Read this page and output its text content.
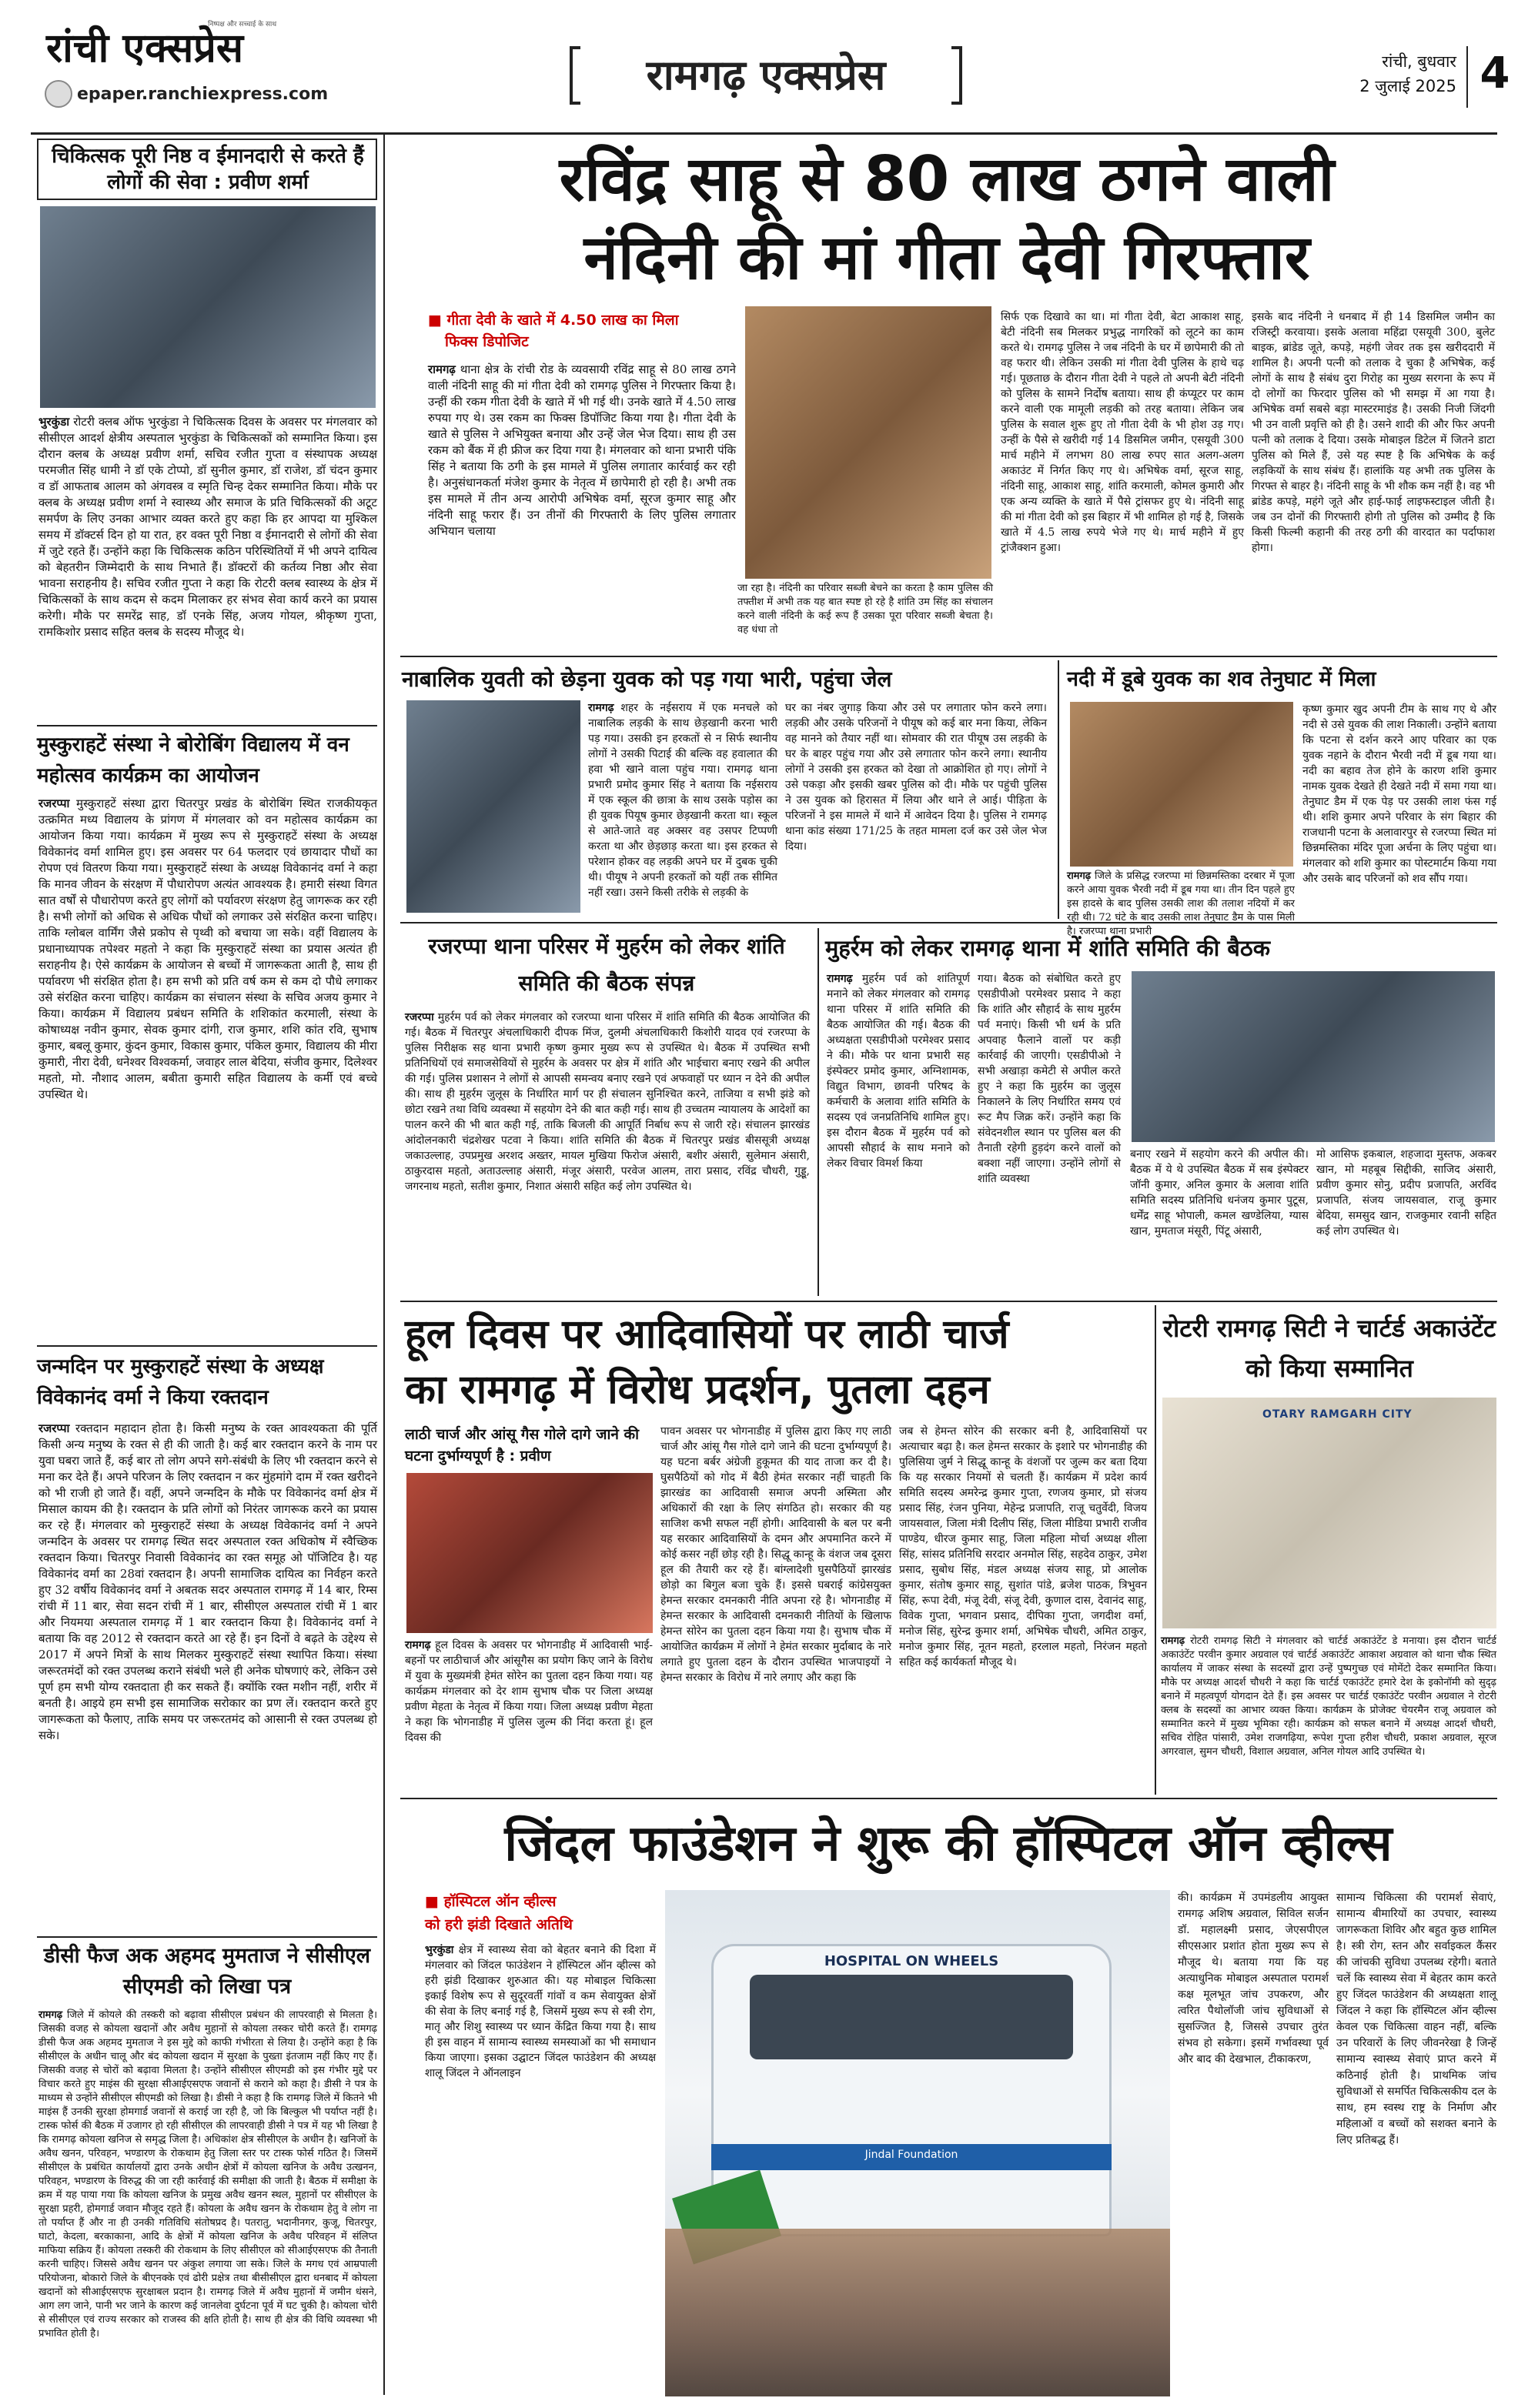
रांची एक्सप्रेस
निष्पक्ष और सच्चाई के साथ
epaper.ranchiexpress.com	रामगढ़ एक्सप्रेस	रांची, बुधवार
2 जुलाई 2025 4
चिकित्सक पूरी निष्ठ व ईमानदारी से करते हैं लोगों की सेवा : प्रवीण शर्मा
भुरकुंडा रोटरी क्लब ऑफ भुरकुंडा ने चिकित्सक दिवस के अवसर पर मंगलवार को सीसीएल आदर्श क्षेत्रीय अस्पताल भुरकुंडा के चिकित्सकों को सम्मानित किया। इस दौरान क्लब के अध्यक्ष प्रवीण शर्मा, सचिव रजीत गुप्ता व संस्थापक अध्यक्ष परमजीत सिंह धामी ने डॉ एके टोप्पो, डॉ सुनील कुमार, डॉ राजेश, डॉ चंदन कुमार व डॉ आफताब आलम को अंगवस्त्र व स्मृति चिन्ह देकर सम्मानित किया। मौके पर क्लब के अध्यक्ष प्रवीण शर्मा ने स्वास्थ्य और समाज के प्रति चिकित्सकों की अटूट समर्पण के लिए उनका आभार व्यक्त करते हुए कहा कि हर आपदा या मुश्किल समय में डॉक्टर्स दिन हो या रात, हर वक्त पूरी निष्ठा व ईमानदारी से लोगों की सेवा में जुटे रहते हैं। उन्होंने कहा कि चिकित्सक कठिन परिस्थितियों में भी अपने दायित्व को बेहतरीन जिम्मेदारी के साथ निभाते हैं। डॉक्टरों की कर्तव्य निष्ठा और सेवा भावना सराहनीय है। सचिव रजीत गुप्ता ने कहा कि रोटरी क्लब स्वास्थ्य के क्षेत्र में चिकित्सकों के साथ कदम से कदम मिलाकर हर संभव सेवा कार्य करने का प्रयास करेगी। मौके पर समरेंद्र साह, डॉ एनके सिंह, अजय गोयल, श्रीकृष्ण गुप्ता, रामकिशोर प्रसाद सहित क्लब के सदस्य मौजूद थे।
मुस्कुराहटें संस्था ने बोरोबिंग विद्यालय में वन महोत्सव कार्यक्रम का आयोजन
रजरप्पा मुस्कुराहटें संस्था द्वारा चितरपुर प्रखंड के बोरोबिंग स्थित राजकीयकृत उत्क्रमित मध्य विद्यालय के प्रांगण में मंगलवार को वन महोत्सव कार्यक्रम का आयोजन किया गया। कार्यक्रम में मुख्य रूप से मुस्कुराहटें संस्था के अध्यक्ष विवेकानंद वर्मा शामिल हुए। इस अवसर पर 64 फलदार एवं छायादार पौधों का रोपण एवं वितरण किया गया। मुस्कुराहटें संस्था के अध्यक्ष विवेकानंद वर्मा ने कहा कि मानव जीवन के संरक्षण में पौधारोपण अत्यंत आवश्यक है। हमारी संस्था विगत सात वर्षों से पौधारोपण करते हुए लोगों को पर्यावरण संरक्षण हेतु जागरूक कर रही है। सभी लोगों को अधिक से अधिक पौधों को लगाकर उसे संरक्षित करना चाहिए। ताकि ग्लोबल वार्मिंग जैसे प्रकोप से पृथ्वी को बचाया जा सके। वहीं विद्यालय के प्रधानाध्यापक तपेश्वर महतो ने कहा कि मुस्कुराहटें संस्था का प्रयास अत्यंत ही सराहनीय है। ऐसे कार्यक्रम के आयोजन से बच्चों में जागरूकता आती है, साथ ही पर्यावरण भी संरक्षित होता है। हम सभी को प्रति वर्ष कम से कम दो पौधे लगाकर उसे संरक्षित करना चाहिए। कार्यक्रम का संचालन संस्था के सचिव अजय कुमार ने किया। कार्यक्रम में विद्यालय प्रबंधन समिति के शशिकांत करमाली, संस्था के कोषाध्यक्ष नवीन कुमार, सेवक कुमार दांगी, राज कुमार, शशि कांत रवि, सुभाष कुमार, बबलू कुमार, कुंदन कुमार, विकास कुमार, पंकिल कुमार, विद्यालय की मीरा कुमारी, नीरा देवी, धनेश्वर विश्वकर्मा, जवाहर लाल बेदिया, संजीव कुमार, दिलेश्वर महतो, मो. नौशाद आलम, बबीता कुमारी सहित विद्यालय के कर्मी एवं बच्चे उपस्थित थे।
जन्मदिन पर मुस्कुराहटें संस्था के अध्यक्ष विवेकानंद वर्मा ने किया रक्तदान
रजरप्पा रक्तदान महादान होता है। किसी मनुष्य के रक्त आवश्यकता की पूर्ति किसी अन्य मनुष्य के रक्त से ही की जाती है। कई बार रक्तदान करने के नाम पर युवा घबरा जाते हैं, कई बार तो लोग अपने सगे-संबंधी के लिए भी रक्तदान करने से मना कर देते हैं। अपने परिजन के लिए रक्तदान न कर मुंहमांगे दाम में रक्त खरीदने को भी राजी हो जाते हैं। वहीं, अपने जन्मदिन के मौके पर विवेकानंद वर्मा क्षेत्र में मिसाल कायम की है। रक्तदान के प्रति लोगों को निरंतर जागरूक करने का प्रयास कर रहे हैं। मंगलवार को मुस्कुराहटें संस्था के अध्यक्ष विवेकानंद वर्मा ने अपने जन्मदिन के अवसर पर रामगढ़ स्थित सदर अस्पताल रक्त अधिकोष में स्वैच्छिक रक्तदान किया। चितरपुर निवासी विवेकानंद का रक्त समूह ओ पॉजिटिव है। यह विवेकानंद वर्मा का 28वां रक्तदान है। अपनी सामाजिक दायित्व का निर्वहन करते हुए 32 वर्षीय विवेकानंद वर्मा ने अबतक सदर अस्पताल रामगढ़ में 14 बार, रिम्स रांची में 11 बार, सेवा सदन रांची में 1 बार, सीसीएल अस्पताल रांची में 1 बार और नियमया अस्पताल रामगढ़ में 1 बार रक्तदान किया है। विवेकानंद वर्मा ने बताया कि वह 2012 से रक्तदान करते आ रहे हैं। इन दिनों वे बढ़ते के उद्देश्य से 2017 में अपने मित्रों के साथ मिलकर मुस्कुराहटें संस्था स्थापित किया। संस्था जरूरतमंदों को रक्त उपलब्ध कराने संबंधी भले ही अनेक घोषणाएं करे, लेकिन उसे पूर्ण हम सभी योग्य रक्तदाता ही कर सकते हैं। क्योंकि रक्त मशीन नहीं, शरीर में बनती है। आइये हम सभी इस सामाजिक सरोकार का प्रण लें। रक्तदान करते हुए जागरूकता को फैलाए, ताकि समय पर जरूरतमंद को आसानी से रक्त उपलब्ध हो सके।
डीसी फैज अक अहमद मुमताज ने सीसीएल सीएमडी को लिखा पत्र
रामगढ़ जिले में कोयले की तस्करी को बढ़ावा सीसीएल प्रबंधन की लापरवाही से मिलता है। जिसकी वजह से कोयला खदानों और अवैध मुहानों से कोयला तस्कर चोरी करते हैं। रामगढ़ डीसी फैज अक अहमद मुमताज ने इस मुद्दे को काफी गंभीरता से लिया है। उन्होंने कहा है कि सीसीएल के अधीन चालू और बंद कोयला खदान में सुरक्षा के पुख्ता इंतजाम नहीं किए गए हैं। जिसकी वजह से चोरों को बढ़ावा मिलता है। उन्होंने सीसीएल सीएमडी को इस गंभीर मुद्दे पर विचार करते हुए माइंस की सुरक्षा सीआईएसएफ जवानों से कराने को कहा है। डीसी ने पत्र के माध्यम से उन्होंने सीसीएल सीएमडी को लिखा है। डीसी ने कहा है कि रामगढ़ जिले में कितने भी माइंस हैं उनकी सुरक्षा होमगार्ड जवानों से कराई जा रही है, जो कि बिल्कुल भी पर्याप्त नहीं है। टास्क फोर्स की बैठक में उजागर हो रही सीसीएल की लापरवाही डीसी ने पत्र में यह भी लिखा है कि रामगढ़ कोयला खनिज से समृद्ध जिला है। अधिकांश क्षेत्र सीसीएल के अधीन है। खनिजों के अवैध खनन, परिवहन, भण्डारण के रोकथाम हेतु जिला स्तर पर टास्क फोर्स गठित है। जिसमें सीसीएल के प्रबंधित कार्यालयों द्वारा उनके अधीन क्षेत्रों में कोयला खनिज के अवैध उत्खनन, परिवहन, भण्डारण के विरुद्ध की जा रही कार्रवाई की समीक्षा की जाती है। बैठक में समीक्षा के क्रम में यह पाया गया कि कोयला खनिज के प्रमुख अवैध खनन स्थल, मुहानों पर सीसीएल के सुरक्षा प्रहरी, होमगार्ड जवान मौजूद रहते हैं। कोयला के अवैध खनन के रोकथाम हेतु वे लोग ना तो पर्याप्त हैं और ना ही उनकी गतिविधि संतोषप्रद है। पतरातु, भदानीनगर, कुजू, चितरपुर, घाटो, केदला, बरकाकाना, आदि के क्षेत्रों में कोयला खनिज के अवैध परिवहन में संलिप्त माफिया सक्रिय हैं। कोयला तस्करी की रोकथाम के लिए सीसीएल को सीआईएसएफ की तैनाती करनी चाहिए। जिससे अवैध खनन पर अंकुश लगाया जा सके। जिले के मगध एवं आम्रपाली परियोजना, बोकारो जिले के बीएनक्के एवं ढोरी प्रक्षेत्र तथा बीसीसीएल द्वारा धनबाद में कोयला खदानों को सीआईएसएफ सुरक्षाबल प्रदान है। रामगढ़ जिले में अवैध मुहानों में जमीन धंसने, आग लग जाने, पानी भर जाने के कारण कई जानलेवा दुर्घटना पूर्व में घट चुकी है। कोयला चोरी से सीसीएल एवं राज्य सरकार को राजस्व की क्षति होती है। साथ ही क्षेत्र की विधि व्यवस्था भी प्रभावित होती है।
रविंद्र साहू से 80 लाख ठगने वाली
नंदिनी की मां गीता देवी गिरफ्तार
■ गीता देवी के खाते में 4.50 लाख का मिला
फिक्स डिपोजिट
रामगढ़ थाना क्षेत्र के रांची रोड के व्यवसायी रविंद्र साहू से 80 लाख ठगने वाली नंदिनी साहू की मां गीता देवी को रामगढ़ पुलिस ने गिरफ्तार किया है। उन्हीं की रकम गीता देवी के खाते में भी गई थी। उनके खाते में 4.50 लाख रुपया गए थे। उस रकम का फिक्स डिपॉजिट किया गया है। गीता देवी के खाते से पुलिस ने अभियुक्त बनाया और उन्हें जेल भेज दिया। साथ ही उस रकम को बैंक में ही फ्रीज कर दिया गया है। मंगलवार को थाना प्रभारी पंकि सिंह ने बताया कि ठगी के इस मामले में पुलिस लगातार कार्रवाई कर रही है। अनुसंधानकर्ता मंजेश कुमार के नेतृत्व में छापेमारी हो रही है। अभी तक इस मामले में तीन अन्य आरोपी अभिषेक वर्मा, सूरज कुमार साहू और नंदिनी साहू फरार हैं। उन तीनों की गिरफ्तारी के लिए पुलिस लगातार अभियान चलाया
जा रहा है। नंदिनी का परिवार सब्जी बेचने का करता है काम पुलिस की तफ्तीश में अभी तक यह बात स्पष्ट हो रहे है शांति उम सिंह का संचालन करने वाली नंदिनी के कई रूप हैं उसका पूरा परिवार सब्जी बेचता है। वह धंधा तो
सिर्फ एक दिखावे का था। मां गीता देवी, बेटा आकाश साहू, बेटी नंदिनी सब मिलकर प्रभुद्ध नागरिकों को लूटने का काम करते थे। रामगढ़ पुलिस ने जब नंदिनी के घर में छापेमारी की तो वह फरार थी। लेकिन उसकी मां गीता देवी पुलिस के हाथे चढ़ गई। पूछताछ के दौरान गीता देवी ने पहले तो अपनी बेटी नंदिनी को पुलिस के सामने निर्दोष बताया। साथ ही कंप्यूटर पर काम करने वाली एक मामूली लड़की को तरह बताया। लेकिन जब पुलिस के सवाल शुरू हुए तो गीता देवी के भी होश उड़ गए। उन्हीं के पैसे से खरीदी गई 14 डिसमिल जमीन, एसयूवी 300 मार्च महीने में लगभग 80 लाख रुपए सात अलग-अलग अकाउंट में निर्गत किए गए थे। अभिषेक वर्मा, सूरज साहू, नंदिनी साहू, आकाश साहू, शांति करमाली, कोमल कुमारी और एक अन्य व्यक्ति के खाते में पैसे ट्रांसफर हुए थे। नंदिनी साहू की मां गीता देवी को इस बिहार में भी शामिल हो गई है, जिसके खाते में 4.5 लाख रुपये भेजे गए थे। मार्च महीने में हुए ट्रांजैक्शन हुआ।
इसके बाद नंदिनी ने धनबाद में ही 14 डिसमिल जमीन का रजिस्ट्री करवाया। इसके अलावा महिंद्रा एसयूवी 300, बुलेट बाइक, ब्रांडेड जूते, कपड़े, महंगी जेवर तक इस खरीददारी में शामिल है। अपनी पत्नी को तलाक दे चुका है अभिषेक, कई लोगों के साथ है संबंध दुरा गिरोह का मुख्य सरगना के रूप में दो लोगों का फिरदार पुलिस को भी समझ में आ गया है। अभिषेक वर्मा सबसे बड़ा मास्टरमाइंड है। उसकी निजी जिंदगी भी उन वाली प्रवृत्ति को ही है। उसने शादी की और फिर अपनी पत्नी को तलाक दे दिया। उसके मोबाइल डिटेल में जितने डाटा पुलिस को मिले हैं, उसे यह स्पष्ट है कि अभिषेक के कई लड़कियों के साथ संबंध हैं। हालांकि यह अभी तक पुलिस के गिरफ्त से बाहर है। नंदिनी साहू के भी शौक कम नहीं है। वह भी ब्रांडेड कपड़े, महंगे जूते और हाई-फाई लाइफस्टाइल जीती है। जब उन दोनों की गिरफ्तारी होगी तो पुलिस को उम्मीद है कि किसी फिल्मी कहानी की तरह ठगी की वारदात का पर्दाफाश होगा।
नाबालिक युवती को छेड़ना युवक को पड़ गया भारी, पहुंचा जेल
रामगढ़ शहर के नईसराय में एक मनचले को नाबालिक लड़की के साथ छेड़खानी करना भारी पड़ गया। उसकी इन हरकतों से न सिर्फ स्थानीय लोगों ने उसकी पिटाई की बल्कि वह हवालात की हवा भी खाने वाला पहुंच गया। रामगढ़ थाना प्रभारी प्रमोद कुमार सिंह ने बताया कि नईसराय में एक स्कूल की छात्रा के साथ उसके पड़ोस का ही युवक पियूष कुमार छेड़खानी करता था। स्कूल से आते-जाते वह अक्सर वह उसपर टिप्पणी करता था और छेड़छाड़ करता था। इस हरकत से परेशान होकर वह लड़की अपने घर में दुबक चुकी थी। पीयूष ने अपनी हरकतों को यहीं तक सीमित नहीं रखा। उसने किसी तरीके से लड़की के
घर का नंबर जुगाड़ किया और उसे पर लगातार फोन करने लगा। लड़की और उसके परिजनों ने पीयूष को कई बार मना किया, लेकिन वह मानने को तैयार नहीं था। सोमवार की रात पीयूष उस लड़की के घर के बाहर पहुंच गया और उसे लगातार फोन करने लगा। स्थानीय लोगों ने उसकी इस हरकत को देखा तो आक्रोशित हो गए। लोगों ने उसे पकड़ा और इसकी खबर पुलिस को दी। मौके पर पहुंची पुलिस ने उस युवक को हिरासत में लिया और थाने ले आई। पीड़िता के परिजनों ने इस मामले में थाने में आवेदन दिया है। पुलिस ने रामगढ़ थाना कांड संख्या 171/25 के तहत मामला दर्ज कर उसे जेल भेज दिया।
नदी में डूबे युवक का शव तेनुघाट में मिला
रामगढ़ जिले के प्रसिद्ध रजरप्पा मां छिन्नमस्तिका दरबार में पूजा करने आया युवक भैरवी नदी में डूब गया था। तीन दिन पहले हुए इस हादसे के बाद पुलिस उसकी लाश की तलाश नदियों में कर रही थी। 72 घंटे के बाद उसकी लाश तेनुघाट डैम के पास मिली है। रजरप्पा थाना प्रभारी
कृष्ण कुमार खुद अपनी टीम के साथ गए थे और नदी से उसे युवक की लाश निकाली। उन्होंने बताया कि पटना से दर्शन करने आए परिवार का एक युवक नहाने के दौरान भैरवी नदी में डूब गया था। नदी का बहाव तेज होने के कारण शशि कुमार नामक युवक देखते ही देखते नदी में समा गया था। तेनुघाट डैम में एक पेड़ पर उसकी लाश फंस गई थी। शशि कुमार अपने परिवार के संग बिहार की राजधानी पटना के अलावारपुर से रजरप्पा स्थित मां छिन्नमस्तिका मंदिर पूजा अर्चना के लिए पहुंचा था। मंगलवार को शशि कुमार का पोस्टमार्टम किया गया और उसके बाद परिजनों को शव सौंप गया।
रजरप्पा थाना परिसर में मुहर्रम को लेकर शांति समिति की बैठक संपन्न
रजरप्पा मुहर्रम पर्व को लेकर मंगलवार को रजरप्पा थाना परिसर में शांति समिति की बैठक आयोजित की गई। बैठक में चितरपुर अंचलाधिकारी दीपक मिंज, दुलमी अंचलाधिकारी किशोरी यादव एवं रजरप्पा के पुलिस निरीक्षक सह थाना प्रभारी कृष्ण कुमार मुख्य रूप से उपस्थित थे। बैठक में उपस्थित सभी प्रतिनिधियों एवं समाजसेवियों से मुहर्रम के अवसर पर क्षेत्र में शांति और भाईचारा बनाए रखने की अपील की गई। पुलिस प्रशासन ने लोगों से आपसी समन्वय बनाए रखने एवं अफवाहों पर ध्यान न देने की अपील की। साथ ही मुहर्रम जुलूस के निर्धारित मार्ग पर ही संचालन सुनिश्चित करने, ताजिया व सभी झंडे को छोटा रखने तथा विधि व्यवस्था में सहयोग देने की बात कही गई। साथ ही उच्चतम न्यायालय के आदेशों का पालन करने की भी बात कही गई, ताकि बिजली की आपूर्ति निर्बाध रूप से जारी रहे। संचालन झारखंड आंदोलनकारी चंद्रशेखर पटवा ने किया। शांति समिति की बैठक में चितरपुर प्रखंड बीससूत्री अध्यक्ष जकाउल्लाह, उपप्रमुख अरशद अख्तर, मायल मुखिया फिरोज अंसारी, बशीर अंसारी, सुलेमान अंसारी, ठाकुरदास महतो, अताउल्लाह अंसारी, मंजूर अंसारी, परवेज आलम, तारा प्रसाद, रविंद्र चौधरी, गुड्डू, जगरनाथ महतो, सतीश कुमार, निशात अंसारी सहित कई लोग उपस्थित थे।
मुहर्रम को लेकर रामगढ़ थाना में शांति समिति की बैठक
रामगढ़ मुहर्रम पर्व को शांतिपूर्ण मनाने को लेकर मंगलवार को रामगढ़ थाना परिसर में शांति समिति की बैठक आयोजित की गई। बैठक की अध्यक्षता एसडीपीओ परमेश्वर प्रसाद ने की। मौके पर थाना प्रभारी सह इंस्पेक्टर प्रमोद कुमार, अग्निशामक, विद्युत विभाग, छावनी परिषद के कर्मचारी के अलावा शांति समिति के सदस्य एवं जनप्रतिनिधि शामिल हुए। इस दौरान बैठक में मुहर्रम पर्व को आपसी सौहार्द के साथ मनाने को लेकर विचार विमर्श किया
गया। बैठक को संबोधित करते हुए एसडीपीओ परमेश्वर प्रसाद ने कहा कि शांति और सौहार्द के साथ मुहर्रम पर्व मनाएं। किसी भी धर्म के प्रति अपवाह फैलाने वालों पर कड़ी कार्रवाई की जाएगी। एसडीपीओ ने सभी अखाड़ा कमेटी से अपील करते हुए ने कहा कि मुहर्रम का जुलूस निकालने के लिए निर्धारित समय एवं रूट मैप जिक्र करें। उन्होंने कहा कि संवेदनशील स्थान पर पुलिस बल की तैनाती रहेगी हुड़दंग करने वालों को बक्शा नहीं जाएगा। उन्होंने लोगों से शांति व्यवस्था
बनाए रखने में सहयोग करने की अपील की। बैठक में ये थे उपस्थित बैठक में सब इंस्पेक्टर जॉनी कुमार, अनिल कुमार के अलावा शांति समिति सदस्य प्रतिनिधि धनंजय कुमार पुटूस, धर्मेंद्र साहू भोपाली, कमल खण्डेलिया, ग्यास खान, मुमताज मंसूरी, पिंटू अंसारी,
मो आसिफ इकबाल, शहजादा मुस्तफ, अकबर खान, मो महबूब सिद्दीकी, साजिद अंसारी, प्रवीण कुमार सोनु, प्रदीप प्रजापति, अरविंद प्रजापति, संजय जायसवाल, राजू कुमार बेदिया, समसुद खान, राजकुमार रवानी सहित कई लोग उपस्थित थे।
हूल दिवस पर आदिवासियों पर लाठी चार्ज
का रामगढ़ में विरोध प्रदर्शन, पुतला दहन
लाठी चार्ज और आंसू गैस गोले दागे जाने की घटना दुर्भाग्यपूर्ण है : प्रवीण
रामगढ़ हूल दिवस के अवसर पर भोगनाडीह में आदिवासी भाई-बहनों पर लाठीचार्ज और आंसूगैस का प्रयोग किए जाने के विरोध में युवा के मुख्यमंत्री हेमंत सोरेन का पुतला दहन किया गया। यह कार्यक्रम मंगलवार को देर शाम सुभाष चौक पर जिला अध्यक्ष प्रवीण मेहता के नेतृत्व में किया गया। जिला अध्यक्ष प्रवीण मेहता ने कहा कि भोगनाडीह में पुलिस जुल्म की निंदा करता हूं। हूल दिवस की
पावन अवसर पर भोगनाडीह में पुलिस द्वारा किए गए लाठी चार्ज और आंसू गैस गोले दागे जाने की घटना दुर्भाग्यपूर्ण है। यह घटना बर्बर अंग्रेजी हुकूमत की याद ताजा कर दी है। घुसपैठियों को गोद में बैठी हेमंत सरकार नहीं चाहती कि झारखंड का आदिवासी समाज अपनी अस्मिता और अधिकारों की रक्षा के लिए संगठित हो। सरकार की यह साजिश कभी सफल नहीं होगी। आदिवासी के बल पर बनी यह सरकार आदिवासियों के दमन और अपमानित करने में कोई कसर नहीं छोड़ रही है। सिद्धू कान्हू के वंशज जब दूसरा हूल की तैयारी कर रहे हैं। बांग्लादेशी घुसपैठियों झारखंड छोड़ो का बिगुल बजा चुके हैं। इससे घबराई कांग्रेसयुक्त हेमन्त सरकार दमनकारी नीति अपना रहे है। भोगनाडीह में हेमन्त सरकार के आदिवासी दमनकारी नीतियों के खिलाफ हेमन्त सोरेन का पुतला दहन किया गया है। सुभाष चौक में आयोजित कार्यक्रम में लोगों ने हेमंत सरकार मुर्दाबाद के नारे लगाते हुए पुतला दहन के दौरान उपस्थित भाजपाइयों ने हेमन्त सरकार के विरोध में नारे लगाए और कहा कि
जब से हेमन्त सोरेन की सरकार बनी है, आदिवासियों पर अत्याचार बढ़ा है। कल हेमन्त सरकार के इशारे पर भोगनाडीह की पुलिसिया जुर्म ने सिद्धू कान्हू के वंशजों पर जुल्म कर बता दिया कि यह सरकार नियमों से चलती हैं। कार्यक्रम में प्रदेश कार्य समिति सदस्य अमरेन्द्र कुमार गुप्ता, रणजय कुमार, प्रो संजय प्रसाद सिंह, रंजन पुनिया, मेहेन्द्र प्रजापति, राजू चतुर्वेदी, विजय जायसवाल, जिला मंत्री दिलीप सिंह, जिला मीडिया प्रभारी राजीव पाण्डेय, धीरज कुमार साहू, जिला महिला मोर्चा अध्यक्ष शीला सिंह, सांसद प्रतिनिधि सरदार अनमोल सिंह, सहदेव ठाकुर, उमेश प्रसाद, सुबोध सिंह, मंडल अध्यक्ष संजय साहू, प्रो आलोक कुमार, संतोष कुमार साहू, सुशांत पांडे, ब्रजेश पाठक, त्रिभुवन सिंह, रूपा देवी, मंजू देवी, संजू देवी, कुणाल दास, देवानंद साहू, विवेक गुप्ता, भगवान प्रसाद, दीपिका गुप्ता, जगदीश वर्मा, मनोज सिंह, सुरेन्द्र कुमार शर्मा, अभिषेक चौधरी, अमित ठाकुर, मनोज कुमार सिंह, नूतन महतो, हरलाल महतो, निरंजन महतो सहित कई कार्यकर्ता मौजूद थे।
रोटरी रामगढ़ सिटी ने चार्टर्ड अकाउंटेंट को किया सम्मानित
OTARY RAMGARH CITY
रामगढ़ रोटरी रामगढ़ सिटी ने मंगलवार को चार्टर्ड अकाउंटेंट डे मनाया। इस दौरान चार्टर्ड अकाउंटेंट परवीन कुमार अग्रवाल एवं चार्टर्ड अकाउंटेंट आकाश अग्रवाल को थाना चौक स्थित कार्यालय में जाकर संस्था के सदस्यों द्वारा उन्हें पुष्पगुच्छ एवं मोमेंटो देकर सम्मानित किया। मौके पर अध्यक्ष आदर्श चौधरी ने कहा कि चार्टर्ड एकाउंटेंट हमारे देश के इकोनॉमी को सुदृढ़ बनाने में महत्वपूर्ण योगदान देते हैं। इस अवसर पर चार्टर्ड एकाउंटेंट परवीन अग्रवाल ने रोटरी क्लब के सदस्यों का आभार व्यक्त किया। कार्यक्रम के प्रोजेक्ट चेयरमैन राजू अग्रवाल को सम्मानित करने में मुख्य भूमिका रही। कार्यक्रम को सफल बनाने में अध्यक्ष आदर्श चौधरी, सचिव रोहित पांसारी, उमेश राजगढ़िया, रूपेश गुप्ता हरीश चौधरी, प्रकाश अग्रवाल, सूरज अगरवाल, सुमन चौधरी, विशाल अग्रवाल, अनिल गोयल आदि उपस्थित थे।
जिंदल फाउंडेशन ने शुरू की हॉस्पिटल ऑन व्हील्स
■ हॉस्पिटल ऑन व्हील्स
को हरी झंडी दिखाते अतिथि
भुरकुंडा क्षेत्र में स्वास्थ्य सेवा को बेहतर बनाने की दिशा में मंगलवार को जिंदल फाउंडेशन ने हॉस्पिटल ऑन व्हील्स को हरी झंडी दिखाकर शुरुआत की। यह मोबाइल चिकित्सा इकाई विशेष रूप से सुदूरवर्ती गांवों व कम सेवायुक्त क्षेत्रों की सेवा के लिए बनाई गई है, जिसमें मुख्य रूप से स्त्री रोग, मातृ और शिशु स्वास्थ्य पर ध्यान केंद्रित किया गया है। साथ ही इस वाहन में सामान्य स्वास्थ्य समस्याओं का भी समाधान किया जाएगा। इसका उद्घाटन जिंदल फाउंडेशन की अध्यक्ष शालू जिंदल ने ऑनलाइन
HOSPITAL ON WHEELS
Jindal Foundation
की। कार्यक्रम में उपमंडलीय आयुक्त रामगढ़ अशिष अग्रवाल, सिविल सर्जन डॉ. महालक्ष्मी प्रसाद, जेएसपीएल सीएसआर प्रशांत होता मुख्य रूप से मौजूद थे। बताया गया कि यह अत्याधुनिक मोबाइल अस्पताल परामर्श कक्ष मूलभूत जांच उपकरण, और त्वरित पैथोलॉजी जांच सुविधाओं से सुसज्जित है, जिससे उपचार तुरंत संभव हो सकेगा। इसमें गर्भावस्था पूर्व और बाद की देखभाल, टीकाकरण,
सामान्य चिकित्सा की परामर्श सेवाएं, सामान्य बीमारियों का उपचार, स्वास्थ्य जागरूकता शिविर और बहुत कुछ शामिल है। स्त्री रोग, स्तन और सर्वाइकल कैंसर की जांचकी सुविधा उपलब्ध रहेगी। बताते चलें कि स्वास्थ्य सेवा में बेहतर काम करते हुए जिंदल फाउंडेशन की अध्यक्षता शालू जिंदल ने कहा कि हॉस्पिटल ऑन व्हील्स केवल एक चिकित्सा वाहन नहीं, बल्कि उन परिवारों के लिए जीवनरेखा है जिन्हें सामान्य स्वास्थ्य सेवाएं प्राप्त करने में कठिनाई होती है। प्राथमिक जांच सुविधाओं से समर्पित चिकित्सकीय दल के साथ, हम स्वस्थ राष्ट्र के निर्माण और महिलाओं व बच्चों को सशक्त बनाने के लिए प्रतिबद्ध हैं।
